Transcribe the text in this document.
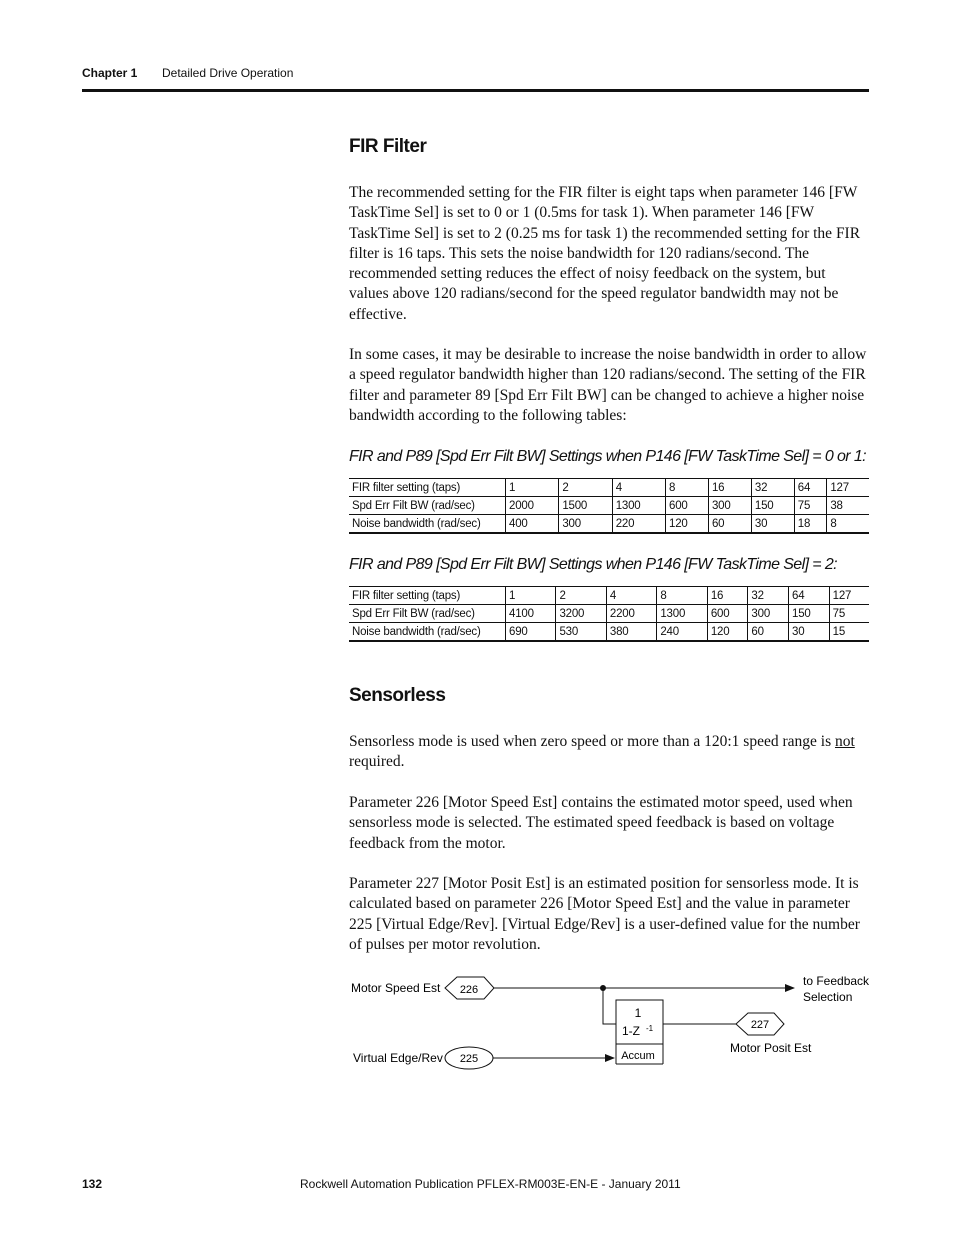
Chapter 1 Detailed Drive Operation
FIR Filter

The recommended setting for the FIR filter is eight taps when parameter 146 [FW TaskTime Sel] is set to 0 or 1 (0.5ms for task 1). When parameter 146 [FW TaskTime Sel] is set to 2 (0.25 ms for task 1) the recommended setting for the FIR filter is 16 taps. This sets the noise bandwidth for 120 radians/second. The recommended setting reduces the effect of noisy feedback on the system, but values above 120 radians/second for the speed regulator bandwidth may not be effective.

In some cases, it may be desirable to increase the noise bandwidth in order to allow a speed regulator bandwidth higher than 120 radians/second. The setting of the FIR filter and parameter 89 [Spd Err Filt BW] can be changed to achieve a higher noise bandwidth according to the following tables:

FIR and P89 [Spd Err Filt BW] Settings when P146 [FW TaskTime Sel] = 0 or 1:
FIR filter setting (taps)	1	2	4	8	16	32	64	127
Spd Err Filt BW (rad/sec)	2000	1500	1300	600	300	150	75	38
Noise bandwidth (rad/sec)	400	300	220	120	60	30	18	8
FIR and P89 [Spd Err Filt BW] Settings when P146 [FW TaskTime Sel] = 2:
FIR filter setting (taps)	1	2	4	8	16	32	64	127
Spd Err Filt BW (rad/sec)	4100	3200	2200	1300	600	300	150	75
Noise bandwidth (rad/sec)	690	530	380	240	120	60	30	15
Sensorless

Sensorless mode is used when zero speed or more than a 120:1 speed range is not required.

Parameter 226 [Motor Speed Est] contains the estimated motor speed, used when sensorless mode is selected. The estimated speed feedback is based on voltage feedback from the motor.

Parameter 227 [Motor Posit Est] is an estimated position for sensorless mode. It is calculated based on parameter 226 [Motor Speed Est] and the value in parameter 225 [Virtual Edge/Rev]. [Virtual Edge/Rev] is a user-defined value for the number of pulses per motor revolution.

Motor Speed Est 226
to Feedback
Selection
1
1-Z -1
Accum
227
Motor Posit Est
Virtual Edge/Rev 225
132	Rockwell Automation Publication PFLEX-RM003E-EN-E - January 2011
